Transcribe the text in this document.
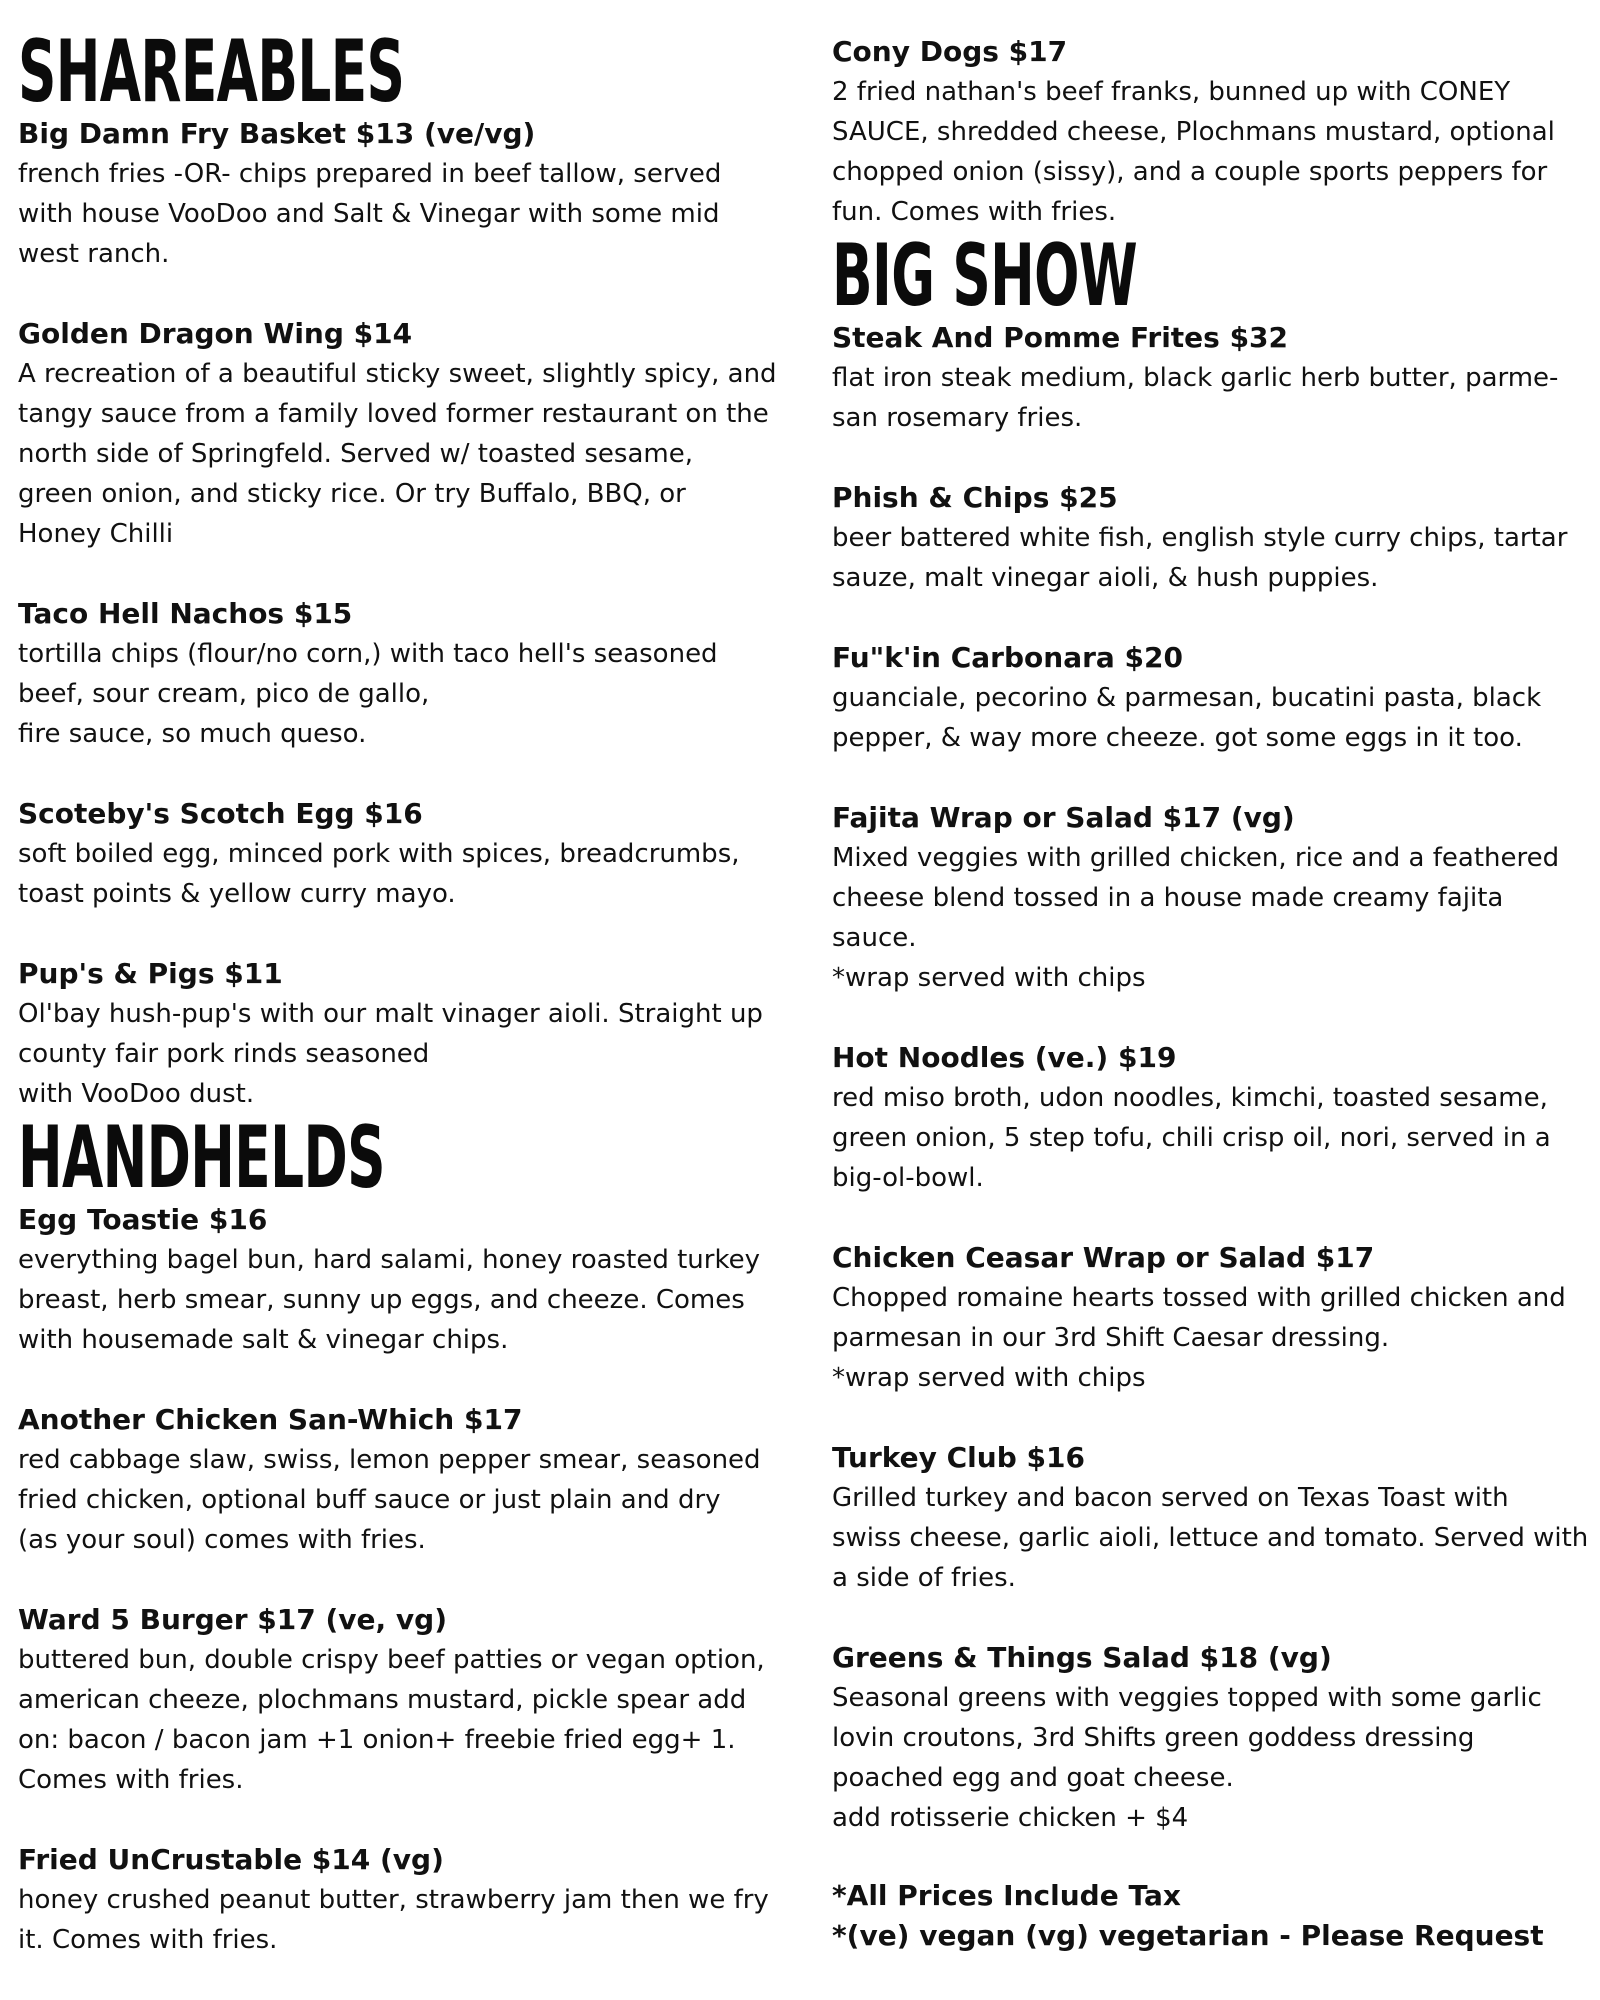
SHAREABLES
Big Damn Fry Basket $13 (ve/vg)
french fries -OR- chips prepared in beef tallow, served
with house VooDoo and Salt & Vinegar with some mid
west ranch.
Golden Dragon Wing $14
A recreation of a beautiful sticky sweet, slightly spicy, and
tangy sauce from a family loved former restaurant on the
north side of Springfeld. Served w/ toasted sesame,
green onion, and sticky rice. Or try Buffalo, BBQ, or
Honey Chilli
Taco Hell Nachos $15
tortilla chips (flour/no corn,) with taco hell's seasoned
beef, sour cream, pico de gallo,
fire sauce, so much queso.
Scoteby's Scotch Egg $16
soft boiled egg, minced pork with spices, breadcrumbs,
toast points & yellow curry mayo.
Pup's & Pigs $11
Ol'bay hush-pup's with our malt vinager aioli. Straight up
county fair pork rinds seasoned
with VooDoo dust.
HANDHELDS
Egg Toastie $16
everything bagel bun, hard salami, honey roasted turkey
breast, herb smear, sunny up eggs, and cheeze. Comes
with housemade salt & vinegar chips.
Another Chicken San-Which $17
red cabbage slaw, swiss, lemon pepper smear, seasoned
fried chicken, optional buff sauce or just plain and dry
(as your soul) comes with fries.
Ward 5 Burger $17 (ve, vg)
buttered bun, double crispy beef patties or vegan option,
american cheeze, plochmans mustard, pickle spear add
on: bacon / bacon jam +1 onion+ freebie fried egg+ 1.
Comes with fries.
Fried UnCrustable $14 (vg)
honey crushed peanut butter, strawberry jam then we fry
it. Comes with fries.
Cony Dogs $17
2 fried nathan's beef franks, bunned up with CONEY
SAUCE, shredded cheese, Plochmans mustard, optional
chopped onion (sissy), and a couple sports peppers for
fun. Comes with fries.
BIG SHOW
Steak And Pomme Frites $32
flat iron steak medium, black garlic herb butter, parme-
san rosemary fries.
Phish & Chips $25
beer battered white fish, english style curry chips, tartar
sauze, malt vinegar aioli, & hush puppies.
Fu"k'in Carbonara $20
guanciale, pecorino & parmesan, bucatini pasta, black
pepper, & way more cheeze. got some eggs in it too.
Fajita Wrap or Salad $17 (vg)
Mixed veggies with grilled chicken, rice and a feathered
cheese blend tossed in a house made creamy fajita
sauce.
*wrap served with chips
Hot Noodles (ve.) $19
red miso broth, udon noodles, kimchi, toasted sesame,
green onion, 5 step tofu, chili crisp oil, nori, served in a
big-ol-bowl.
Chicken Ceasar Wrap or Salad $17
Chopped romaine hearts tossed with grilled chicken and
parmesan in our 3rd Shift Caesar dressing.
*wrap served with chips
Turkey Club $16
Grilled turkey and bacon served on Texas Toast with
swiss cheese, garlic aioli, lettuce and tomato. Served with
a side of fries.
Greens & Things Salad $18 (vg)
Seasonal greens with veggies topped with some garlic
lovin croutons, 3rd Shifts green goddess dressing
poached egg and goat cheese.
add rotisserie chicken + $4
*All Prices Include Tax
*(ve) vegan (vg) vegetarian - Please Request
